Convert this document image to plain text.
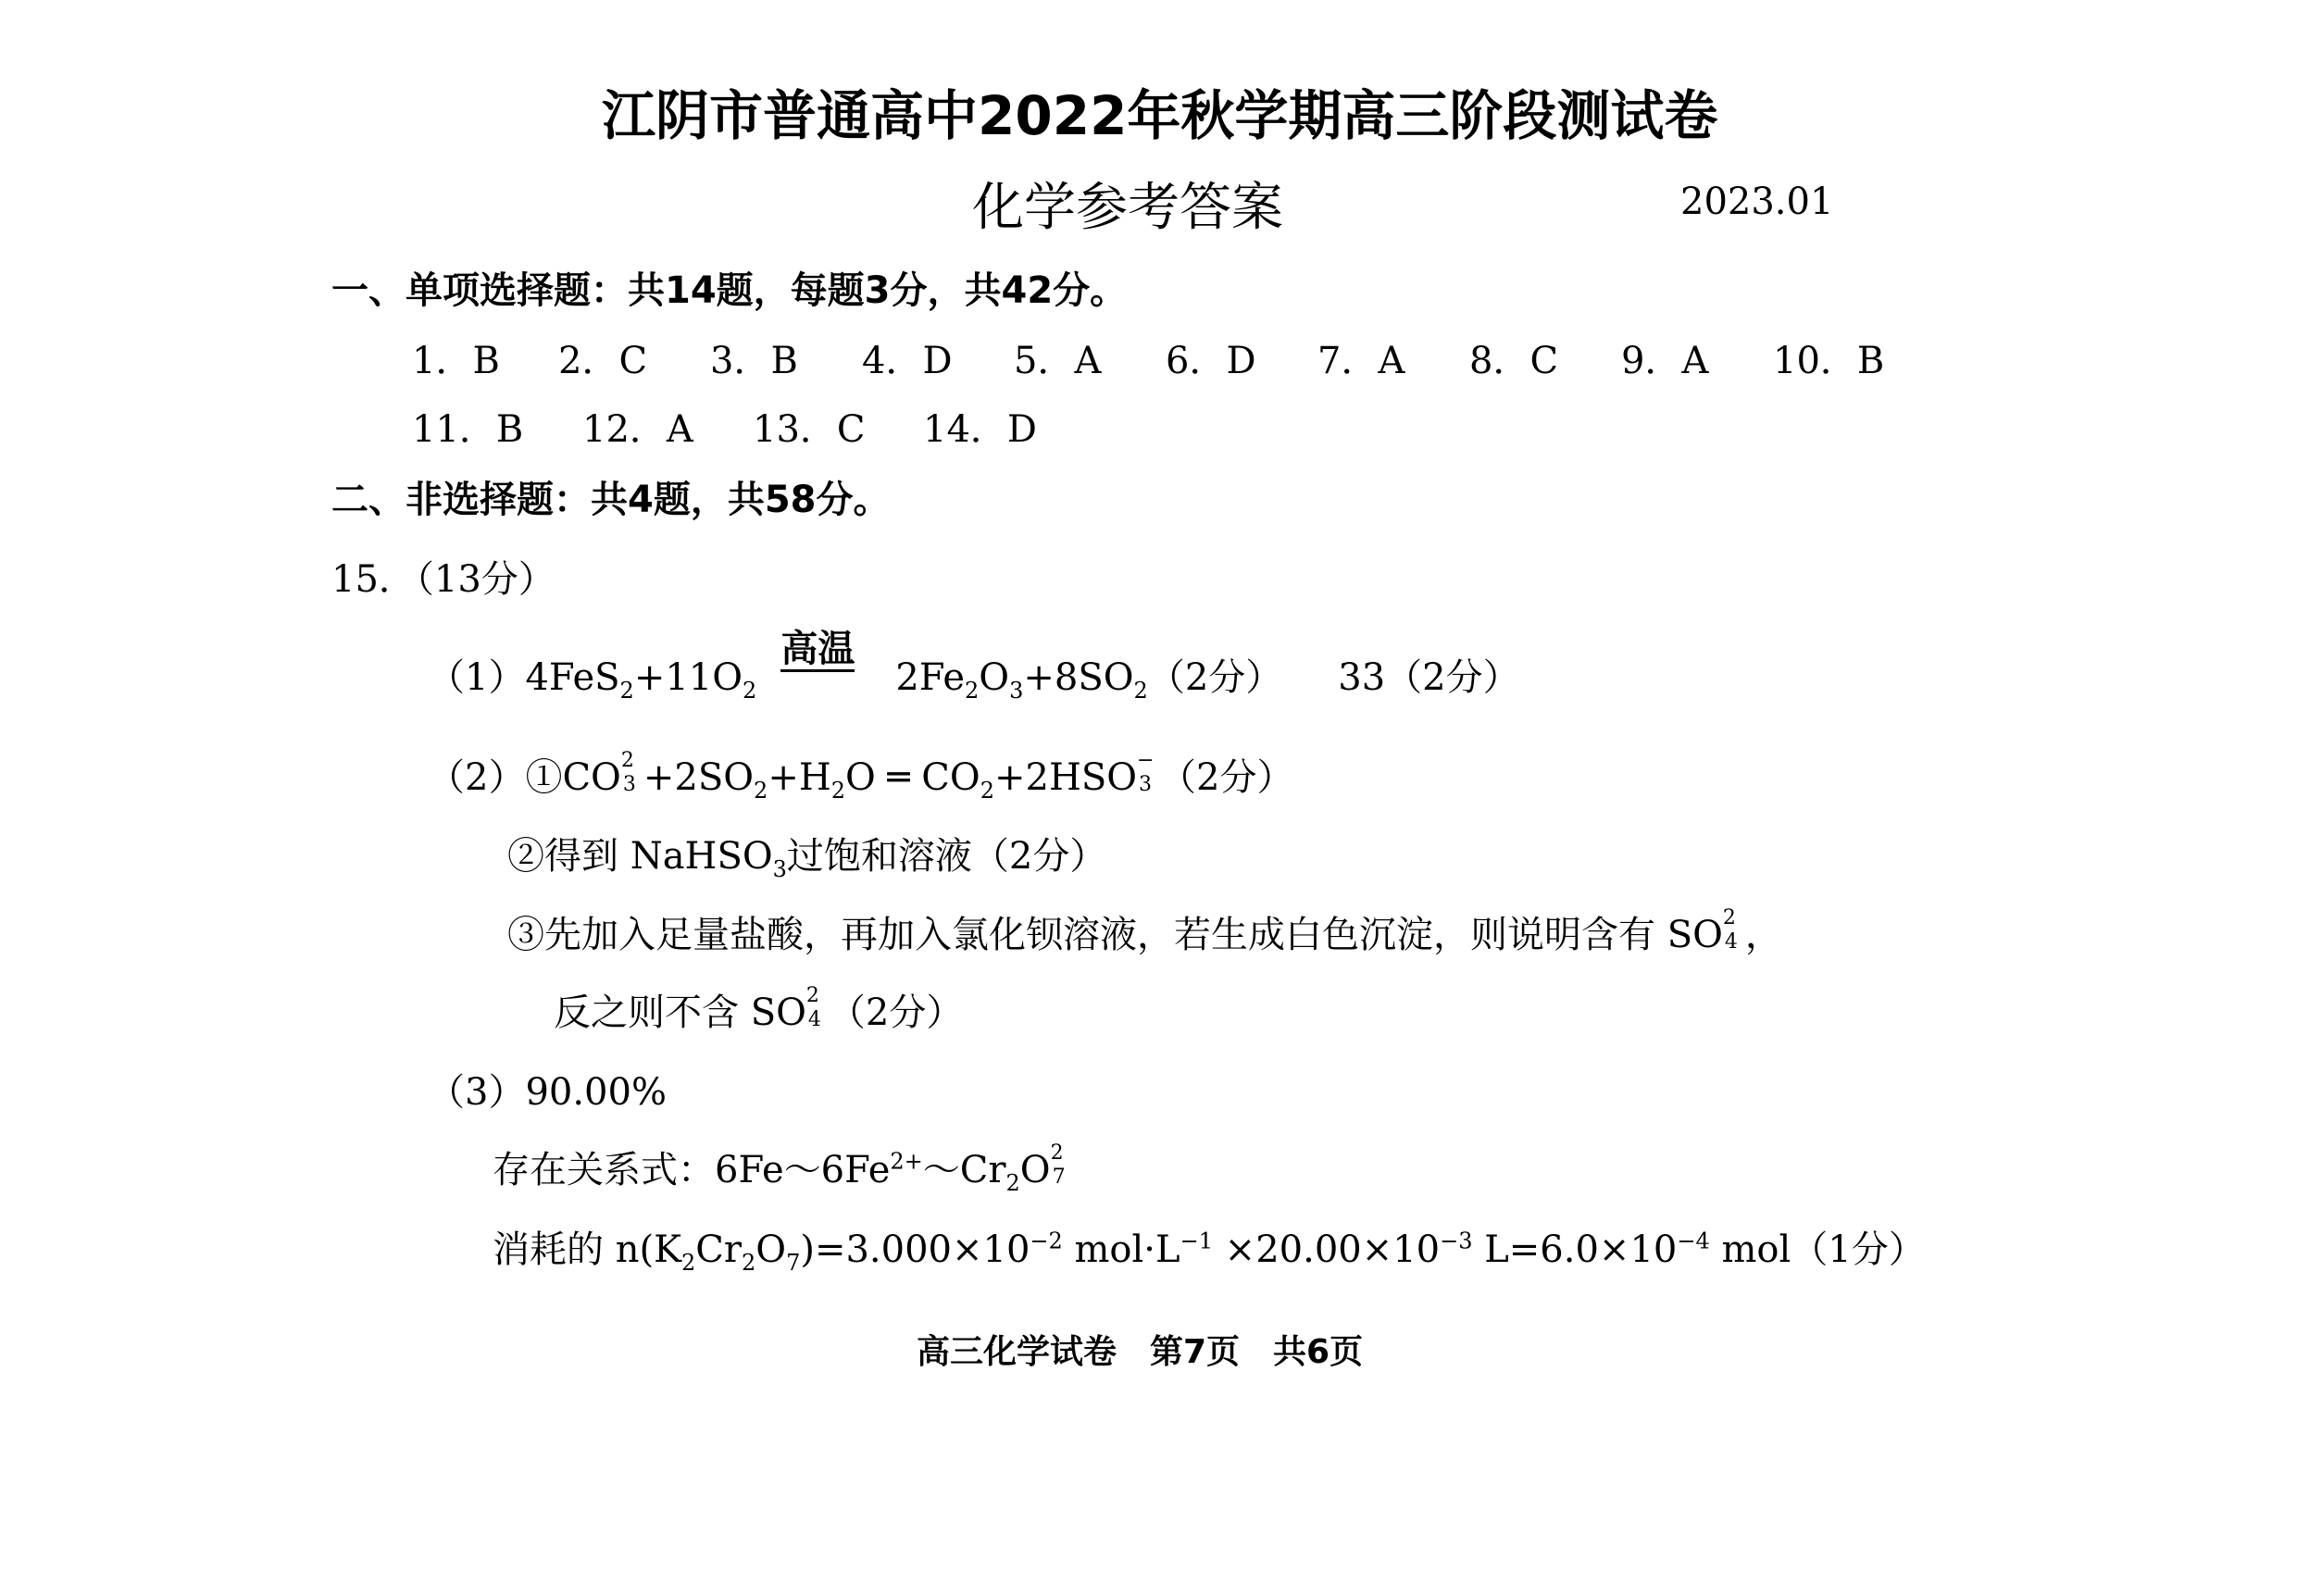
江阴市普通高中2022年秋学期高三阶段测试卷
化学参考答案	2023.01
一、单项选择题：共14题，每题3分，共42分。
1．B 2．C 3．B 4．D 5．A 6．D 7．A 8．C 9．A 10．B
11．B 12．A 13．C 14．D
二、非选择题：共4题，共58分。
15．（13分）
$(1)4FeS_2+11O_2$
高温
$2Fe_2O_3+8SO_2(2$分） 33（2分）
（2）①CO 2
$3 +2SO_2+H_2O$ ═ $CO_2+2HSO$ −
3 （2分）
②得到 NaHSO$_3$过饱和溶液（2分）
③先加入足量盐酸，再加入氯化钡溶液，若生成白色沉淀，则说明含有 SO 2
4 ，
反之则不含 SO 2
4 （2分）
（3）90.00%
存在关系式：$6Fe\sim 6Fe^{2+}\sim Cr_2O$ 2
7
消耗的 $n(K_2Cr_2O_7)=3.000\times 10^{-2}$ $mol\cdot L^{-1} \times 20.00\times 10^{-3}$ $L=6.0\times 10^{-4}$ mol（1分）
高三化学试卷　第7页　共6页
